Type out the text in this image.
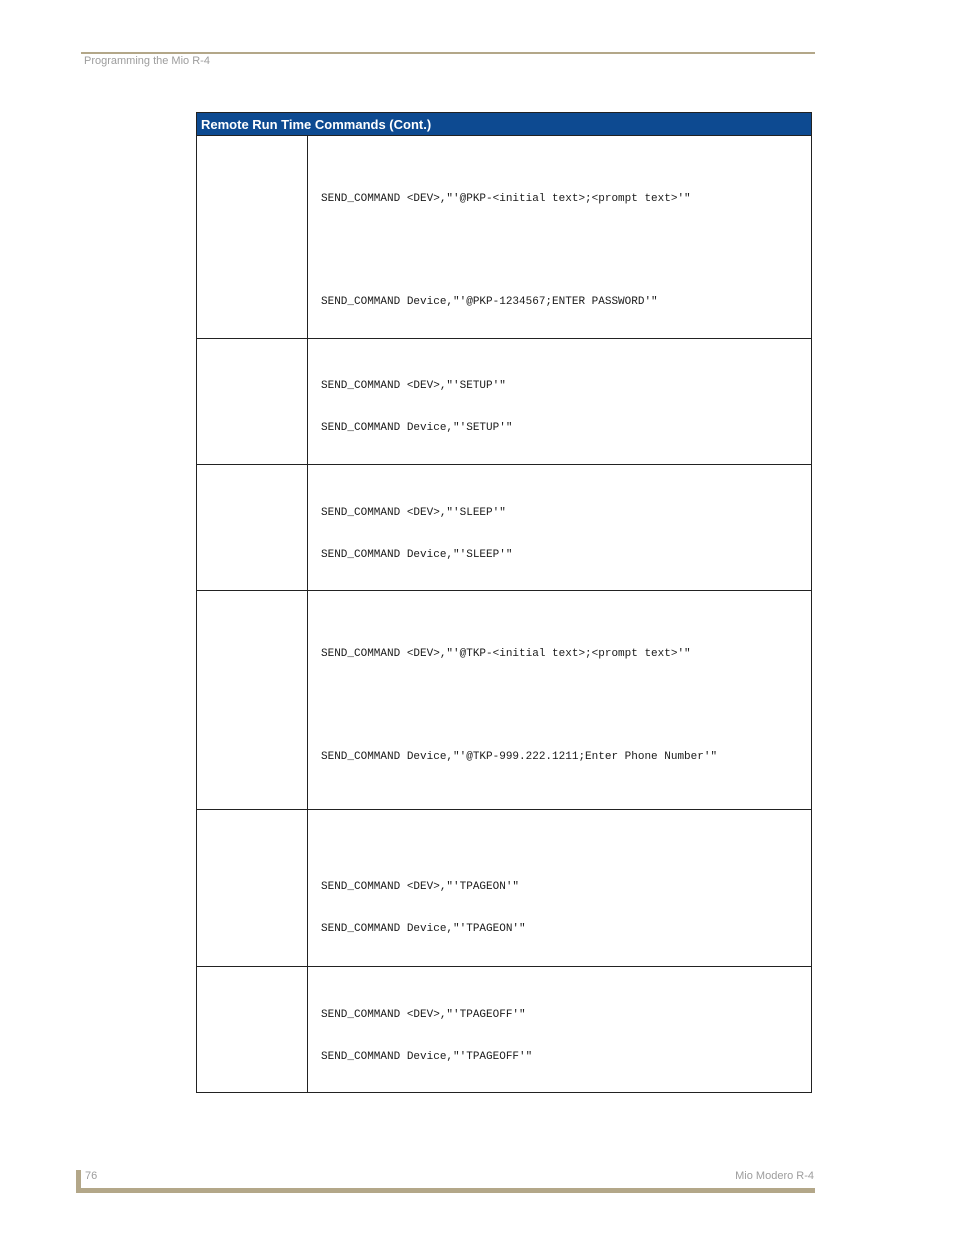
Programming the Mio R-4
Remote Run Time Commands (Cont.)	

	SEND_COMMAND <DEV>,"'@PKP-<initial text>;<prompt text>'"
SEND_COMMAND Device,"'@PKP-1234567;ENTER PASSWORD'"

	SEND_COMMAND <DEV>,"'SETUP'"
SEND_COMMAND Device,"'SETUP'"

	SEND_COMMAND <DEV>,"'SLEEP'"
SEND_COMMAND Device,"'SLEEP'"

	SEND_COMMAND <DEV>,"'@TKP-<initial text>;<prompt text>'"
SEND_COMMAND Device,"'@TKP-999.222.1211;Enter Phone Number'"

	SEND_COMMAND <DEV>,"'TPAGEON'"
SEND_COMMAND Device,"'TPAGEON'"

	SEND_COMMAND <DEV>,"'TPAGEOFF'"
SEND_COMMAND Device,"'TPAGEOFF'"
76	Mio Modero R-4
